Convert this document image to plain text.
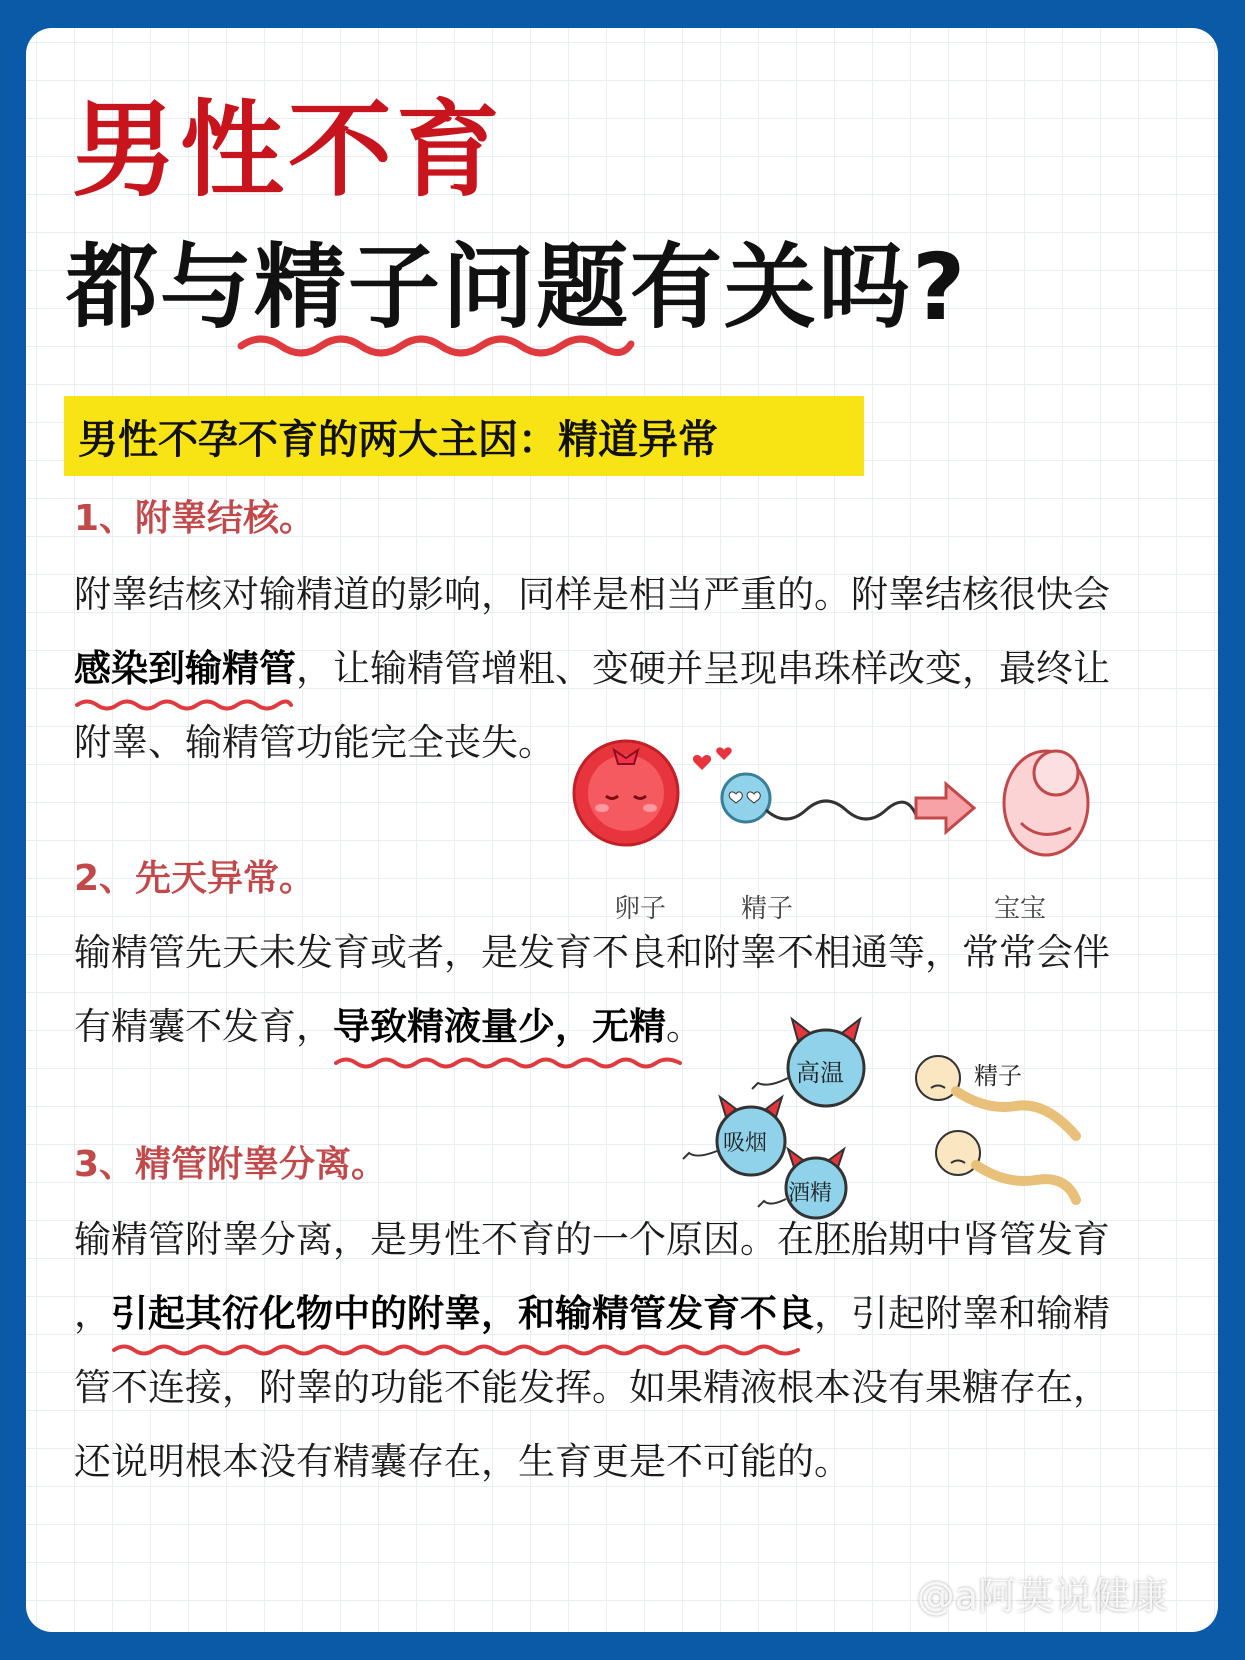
男性不育
都与精子问题有关吗?
男性不孕不育的两大主因：精道异常
1、附睾结核。

附睾结核对输精道的影响，同样是相当严重的。附睾结核很快会
感染到输精管
，让输精管增粗、变硬并呈现串珠样改变，最终让
附睾、输精管功能完全丧失。

卵子	精子	宝宝
2、先天异常。

输精管先天未发育或者，是发育不良和附睾不相通等，常常会伴
有精囊不发育，导致精液量少，无精
。

高温
吸烟
酒精
精子
3、精管附睾分离。

输精管附睾分离，是男性不育的一个原因。在胚胎期中肾管发育
，引起其衍化物中的附睾，和输精管发育不良
，引起附睾和输精
管不连接，附睾的功能不能发挥。如果精液根本没有果糖存在，
还说明根本没有精囊存在，生育更是不可能的。

@a阿莫说健康
